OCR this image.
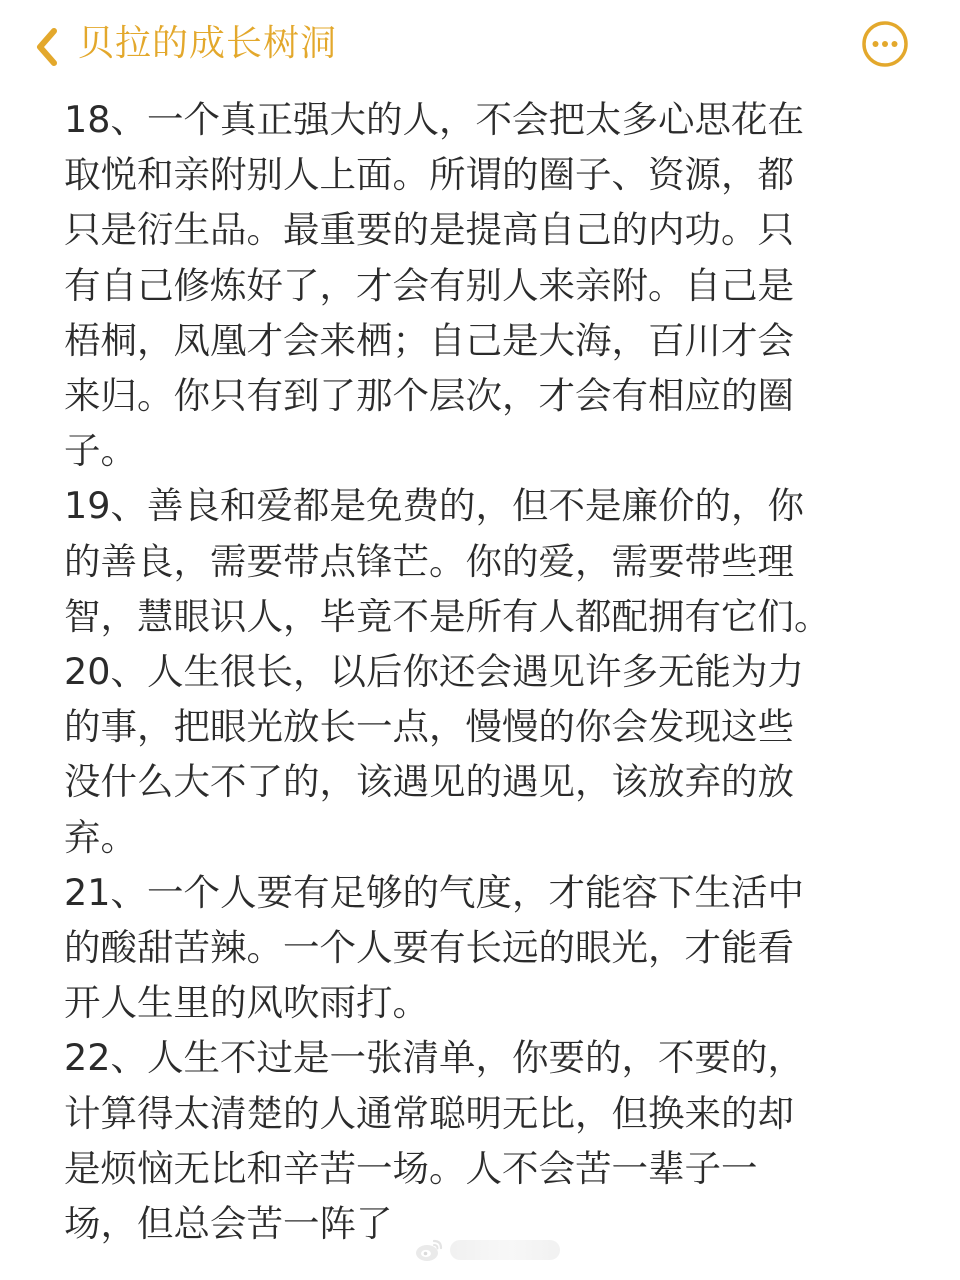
贝拉的成长树洞

18、一个真正强大的人，不会把太多心思花在
取悦和亲附别人上面。所谓的圈子、资源，都
只是衍生品。最重要的是提高自己的内功。只
有自己修炼好了，才会有别人来亲附。自己是
梧桐，凤凰才会来栖；自己是大海，百川才会
来归。你只有到了那个层次，才会有相应的圈
子。

19、善良和爱都是免费的，但不是廉价的，你
的善良，需要带点锋芒。你的爱，需要带些理
智，慧眼识人，毕竟不是所有人都配拥有它们。

20、人生很长，以后你还会遇见许多无能为力
的事，把眼光放长一点，慢慢的你会发现这些
没什么大不了的，该遇见的遇见，该放弃的放
弃。

21、一个人要有足够的气度，才能容下生活中
的酸甜苦辣。一个人要有长远的眼光，才能看
开人生里的风吹雨打。

22、人生不过是一张清单，你要的，不要的，
计算得太清楚的人通常聪明无比，但换来的却
是烦恼无比和辛苦一场。人不会苦一辈子一
场，但总会苦一阵了
